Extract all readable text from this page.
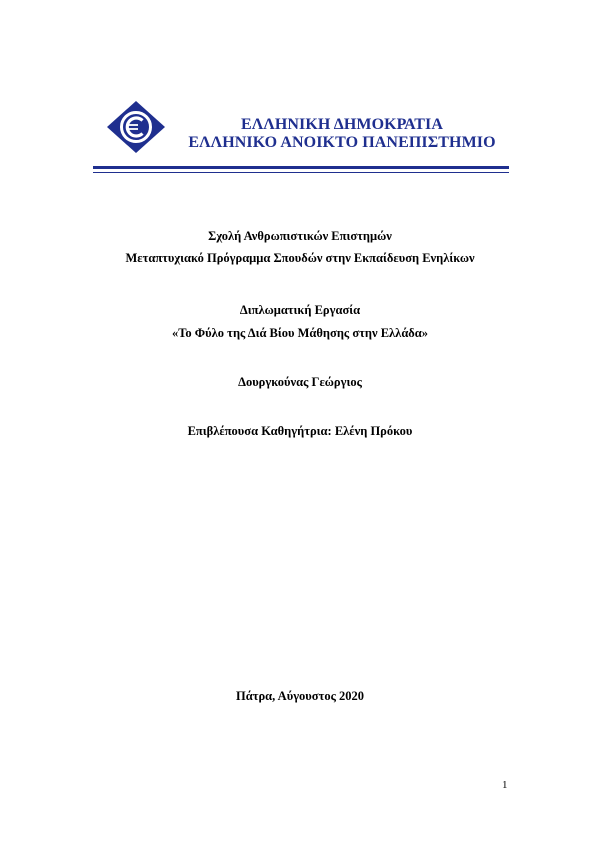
ΕΛΛΗΝΙΚΗ ΔΗΜΟΚΡΑΤΙΑ
ΕΛΛΗΝΙΚΟ ΑΝΟΙΚΤΟ ΠΑΝΕΠΙΣΤΗΜΙΟ
Σχολή Ανθρωπιστικών Επιστημών
Μεταπτυχιακό Πρόγραμμα Σπουδών στην Εκπαίδευση Ενηλίκων
Διπλωματική Εργασία
«Το Φύλο της Διά Βίου Μάθησης στην Ελλάδα»
Δουργκούνας Γεώργιος
Επιβλέπουσα Καθηγήτρια: Ελένη Πρόκου
Πάτρα, Αύγουστος 2020
1
